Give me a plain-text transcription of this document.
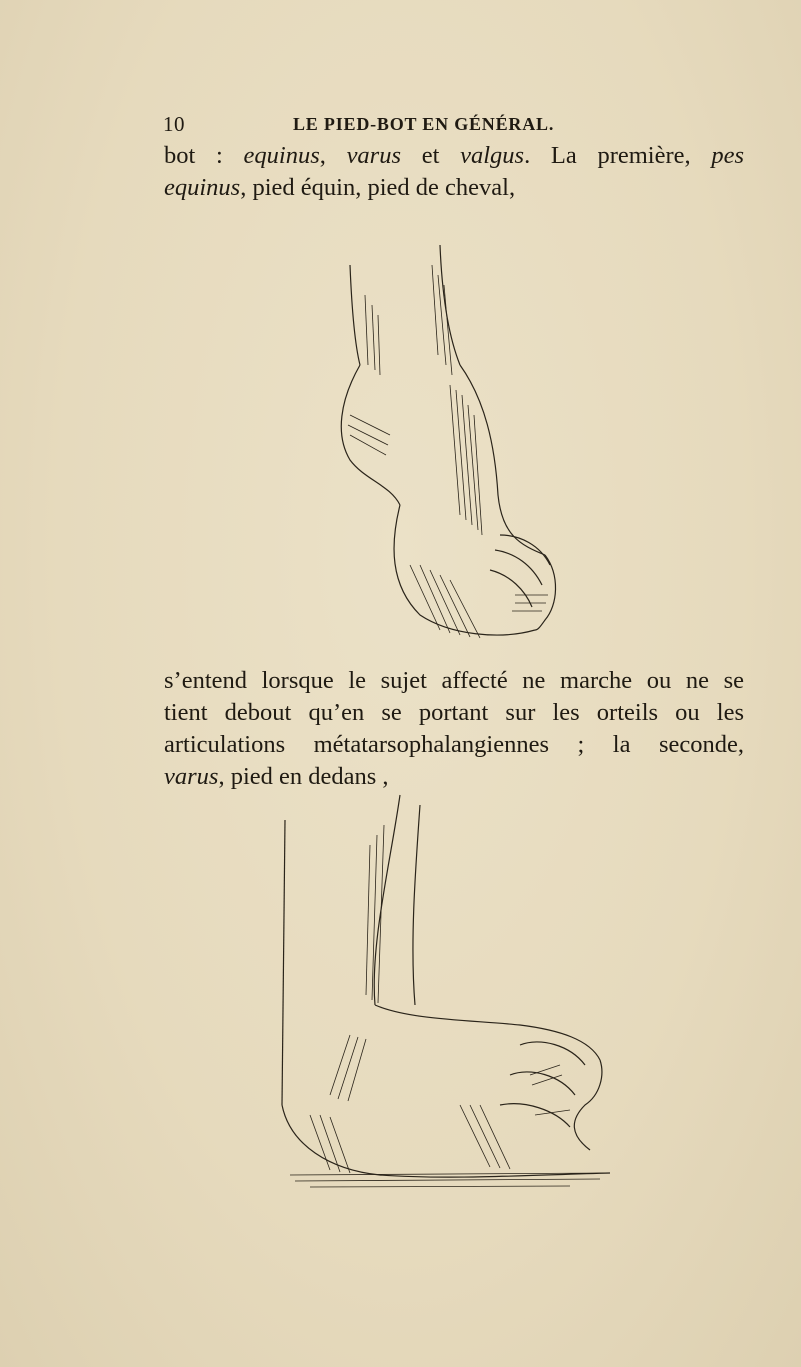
10	LE PIED-BOT EN GÉNÉRAL.
bot : equinus, varus et valgus. La première, pes
equinus, pied équin, pied de cheval,
s’entend lorsque le sujet affecté ne marche ou ne se
tient debout qu’en se portant sur les orteils ou les
articulations métatarsophalangiennes ; la seconde,
varus, pied en dedans ,
